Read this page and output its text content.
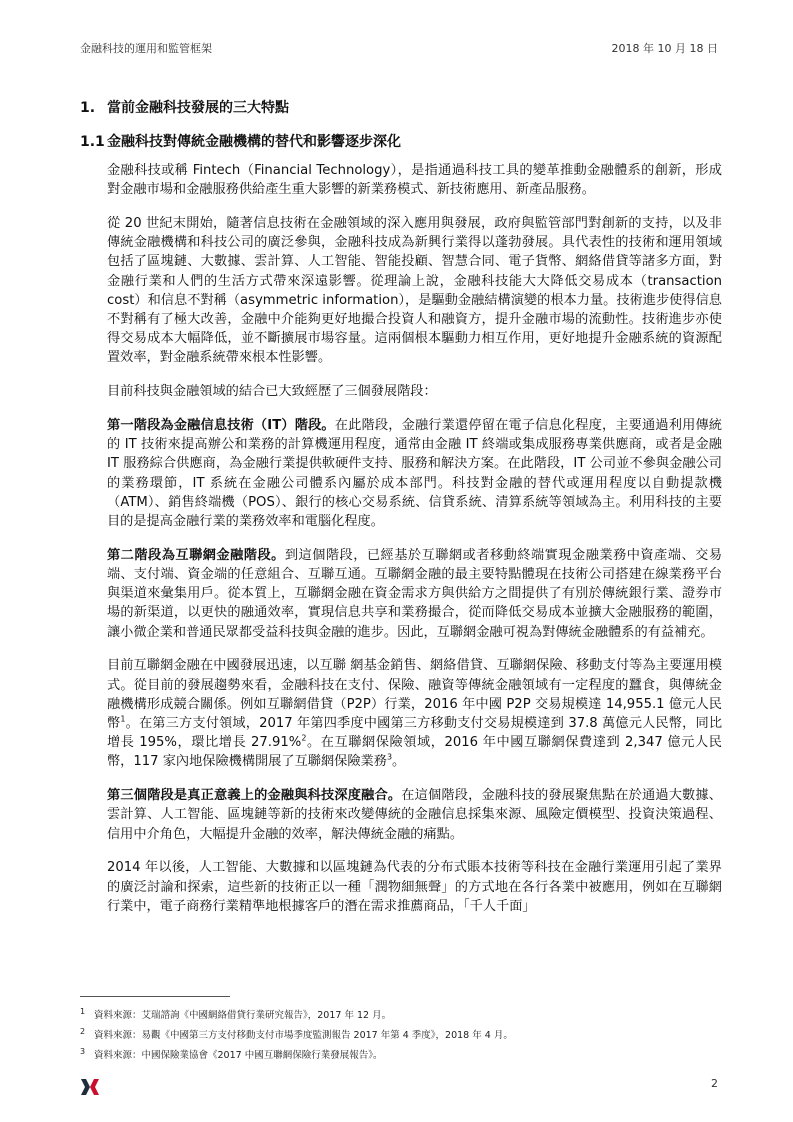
金融科技的運用和監管框架	2018 年 10 月 18 日
1. 當前金融科技發展的三大特點
1.1 金融科技對傳統金融機構的替代和影響逐步深化

金融科技或稱 Fintech（Financial Technology），是指通過科技工具的變革推動金融體系的創新，形成對金融市場和金融服務供給產生重大影響的新業務模式、新技術應用、新產品服務。

從 20 世紀末開始，隨著信息技術在金融領域的深入應用與發展，政府與監管部門對創新的支持，以及非傳統金融機構和科技公司的廣泛參與，金融科技成為新興行業得以蓬勃發展。具代表性的技術和運用領域包括了區塊鏈、大數據、雲計算、人工智能、智能投顧、智慧合同、電子貨幣、網絡借貸等諸多方面，對金融行業和人們的生活方式帶來深遠影響。從理論上說，金融科技能大大降低交易成本（transaction cost）和信息不對稱（asymmetric information），是驅動金融結構演變的根本力量。技術進步使得信息不對稱有了極大改善，金融中介能夠更好地撮合投資人和融資方，提升金融市場的流動性。技術進步亦使得交易成本大幅降低，並不斷擴展市場容量。這兩個根本驅動力相互作用，更好地提升金融系統的資源配置效率，對金融系統帶來根本性影響。

目前科技與金融領域的結合已大致經歷了三個發展階段：

第一階段為金融信息技術（IT）階段。在此階段，金融行業還停留在電子信息化程度，主要通過利用傳統的 IT 技術來提高辦公和業務的計算機運用程度，通常由金融 IT 終端或集成服務專業供應商，或者是金融 IT 服務綜合供應商，為金融行業提供軟硬件支持、服務和解決方案。在此階段，IT 公司並不參與金融公司的業務環節，IT 系統在金融公司體系內屬於成本部門。科技對金融的替代或運用程度以自動提款機（ATM）、銷售終端機（POS）、銀行的核心交易系統、信貸系統、清算系統等領域為主。利用科技的主要目的是提高金融行業的業務效率和電腦化程度。

第二階段為互聯網金融階段。到這個階段，已經基於互聯網或者移動終端實現金融業務中資產端、交易端、支付端、資金端的任意組合、互聯互通。互聯網金融的最主要特點體現在技術公司搭建在線業務平台與渠道來彙集用戶。從本質上，互聯網金融在資金需求方與供給方之間提供了有別於傳統銀行業、證券市場的新渠道，以更快的融通效率，實現信息共享和業務撮合，從而降低交易成本並擴大金融服務的範圍，讓小微企業和普通民眾都受益科技與金融的進步。因此，互聯網金融可視為對傳統金融體系的有益補充。

目前互聯網金融在中國發展迅速，以互聯 網基金銷售、網絡借貸、互聯網保險、移動支付等為主要運用模式。從目前的發展趨勢來看，金融科技在支付、保險、融資等傳統金融領域有一定程度的蠶食，與傳統金融機構形成競合關係。例如互聯網借貸（P2P）行業，2016 年中國 P2P 交易規模達 14,955.1 億元人民幣$^1$。在第三方支付領域，2017 年第四季度中國第三方移動支付交易規模達到 37.8 萬億元人民幣，同比增長 195%，環比增長 27.91%$^2$。在互聯網保險領域，2016 年中國互聯網保費達到 2,347 億元人民幣，117 家內地保險機構開展了互聯網保險業務$^3$。

第三個階段是真正意義上的金融與科技深度融合。在這個階段，金融科技的發展聚焦點在於通過大數據、雲計算、人工智能、區塊鏈等新的技術來改變傳統的金融信息採集來源、風險定價模型、投資決策過程、信用中介角色，大幅提升金融的效率，解決傳統金融的痛點。

2014 年以後，人工智能、大數據和以區塊鏈為代表的分布式賬本技術等科技在金融行業運用引起了業界的廣泛討論和探索，這些新的技術正以一種「潤物細無聲」的方式地在各行各業中被應用，例如在互聯網行業中，電子商務行業精準地根據客戶的潛在需求推薦商品，「千人千面」

1 資料來源：艾瑞諮詢《中國網絡借貸行業研究報告》，2017 年 12 月。
2 資料來源：易觀《中國第三方支付移動支付市場季度監測報告 2017 年第 4 季度》，2018 年 4 月。
3 資料來源：中國保險業協會《2017 中國互聯網保險行業發展報告》。
2
